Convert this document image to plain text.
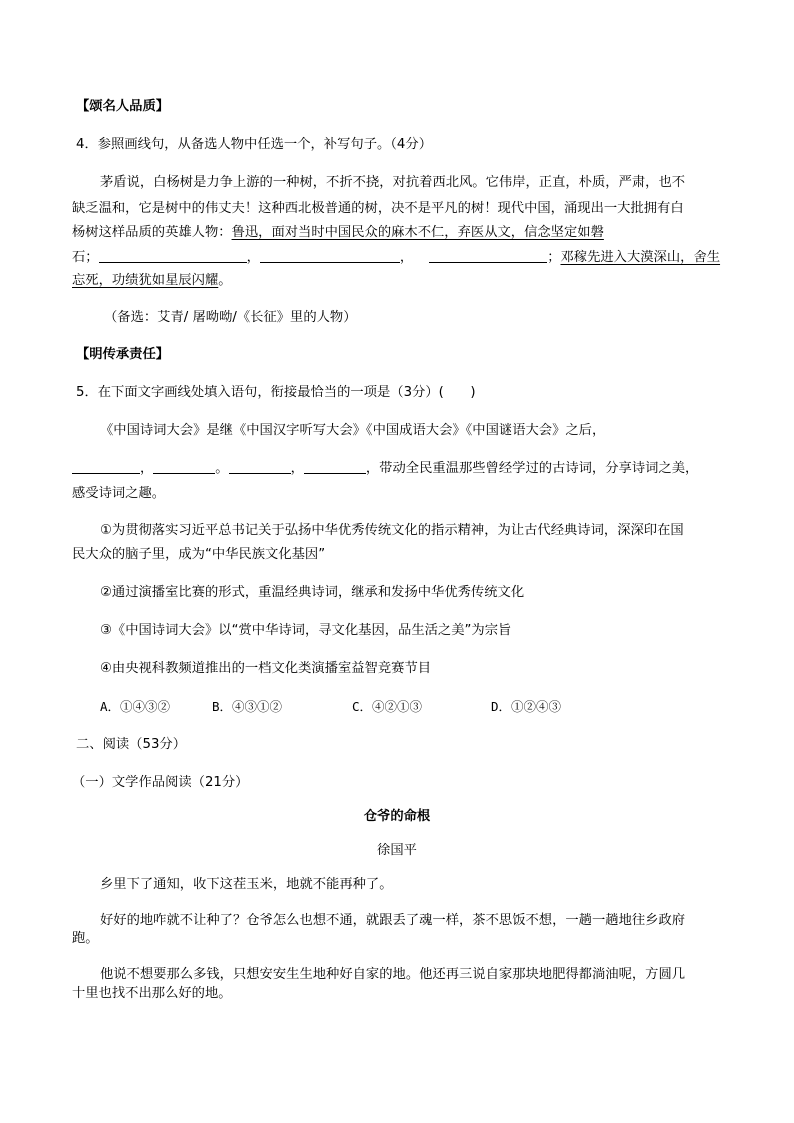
【颂名人品质】
4．参照画线句，从备选人物中任选一个，补写句子。（4分）
茅盾说，白杨树是力争上游的一种树，不折不挠，对抗着西北风。它伟岸，正直，朴质，严肃，也不
缺乏温和，它是树中的伟丈夫！这种西北极普通的树，决不是平凡的树！现代中国，涌现出一大批拥有白
杨树这样品质的英雄人物：鲁迅，面对当时中国民众的麻木不仁，弃医从文，信念坚定如磐
石；	，	，	；邓稼先进入大漠深山，舍生
忘死，功绩犹如星辰闪耀。
（备选：艾青/ 屠呦呦/《长征》里的人物）
【明传承责任】
5．在下面文字画线处填入语句，衔接最恰当的一项是（3分）(　　)
《中国诗词大会》是继《中国汉字听写大会》《中国成语大会》《中国谜语大会》之后，
，	。	，	，带动全民重温那些曾经学过的古诗词，分享诗词之美，
感受诗词之趣。
①为贯彻落实习近平总书记关于弘扬中华优秀传统文化的指示精神，为让古代经典诗词，深深印在国
民大众的脑子里，成为“中华民族文化基因”
②通过演播室比赛的形式，重温经典诗词，继承和发扬中华优秀传统文化
③《中国诗词大会》以“赏中华诗词，寻文化基因，品生活之美”为宗旨
④由央视科教频道推出的一档文化类演播室益智竞赛节目
A．①④③②	B．④③①②	C．④②①③	D．①②④③
二、阅读（53分）
（一）文学作品阅读（21分）
仓爷的命根
徐国平
乡里下了通知，收下这茬玉米，地就不能再种了。
好好的地咋就不让种了？仓爷怎么也想不通，就跟丢了魂一样，茶不思饭不想，一趟一趟地往乡政府
跑。
他说不想要那么多钱，只想安安生生地种好自家的地。他还再三说自家那块地肥得都淌油呢，方圆几
十里也找不出那么好的地。
